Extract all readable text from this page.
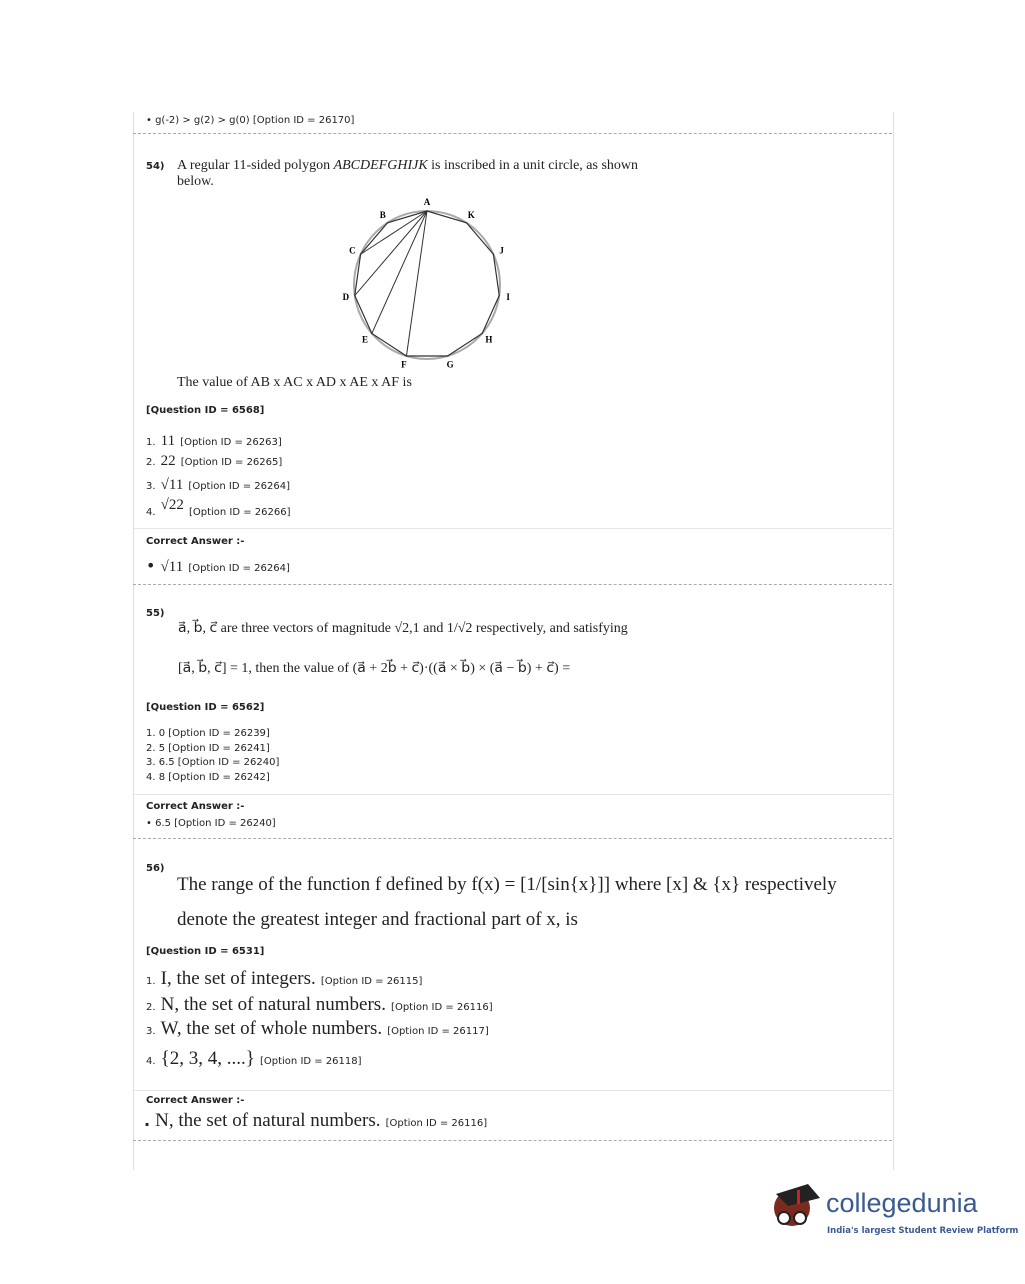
• g(-2) > g(2) > g(0) [Option ID = 26170]
54) A regular 11-sided polygon ABCDEFGHIJK is inscribed in a unit circle, as shown
below.
A
B
C
D
E
F	G
H
I
J
K
The value of AB x AC x AD x AE x AF is
[Question ID = 6568]
1. 11 [Option ID = 26263]
2. 22 [Option ID = 26265]
3. √11 [Option ID = 26264]
4. √22 [Option ID = 26266]
Correct Answer :-
• √11 [Option ID = 26264]
55)
a⃗, b⃗, c⃗ are three vectors of magnitude √2,1 and 1/√2 respectively, and satisfying
[a⃗, b⃗, c⃗] = 1, then the value of (a⃗ + 2b⃗ + c⃗)·((a⃗ × b⃗) × (a⃗ − b⃗) + c⃗) =
[Question ID = 6562]
1. 0 [Option ID = 26239]
2. 5 [Option ID = 26241]
3. 6.5 [Option ID = 26240]
4. 8 [Option ID = 26242]
Correct Answer :-
• 6.5 [Option ID = 26240]
56)
The range of the function f defined by f(x) = [1/[sin{x}]] where [x] & {x} respectively
denote the greatest integer and fractional part of x, is
[Question ID = 6531]
1. I, the set of integers. [Option ID = 26115]
2. N, the set of natural numbers. [Option ID = 26116]
3. W, the set of whole numbers. [Option ID = 26117]
4. {2, 3, 4, ....} [Option ID = 26118]
Correct Answer :-
. N, the set of natural numbers. [Option ID = 26116]
collegedunia
India's largest Student Review Platform
